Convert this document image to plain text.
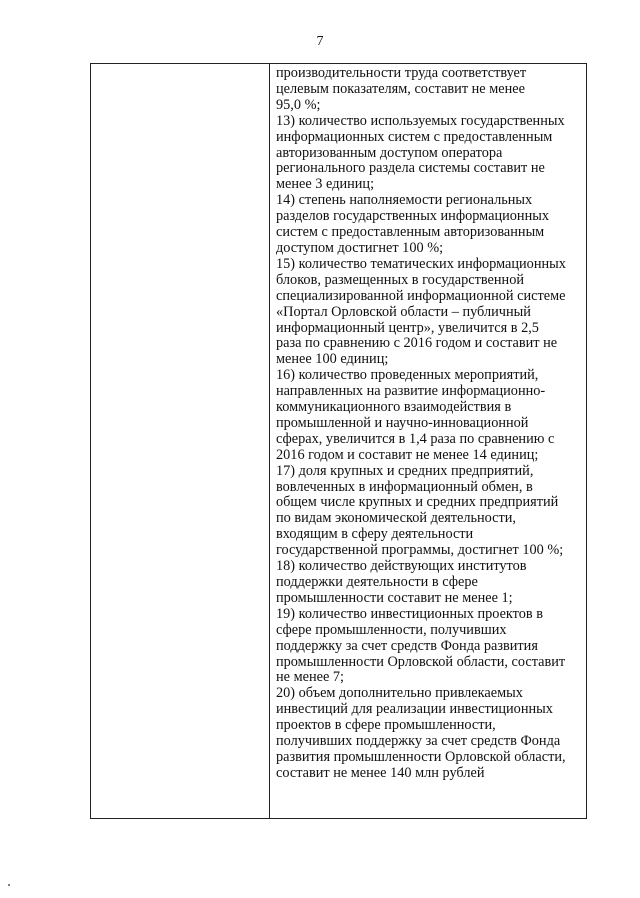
7
производительности труда соответствует
целевым показателям, составит не менее
95,0 %;
13) количество используемых государственных
информационных систем с предоставленным
авторизованным доступом оператора
регионального раздела системы составит не
менее 3 единиц;
14) степень наполняемости региональных
разделов государственных информационных
систем с предоставленным авторизованным
доступом достигнет 100 %;
15) количество тематических информационных
блоков, размещенных в государственной
специализированной информационной системе
«Портал Орловской области – публичный
информационный центр», увеличится в 2,5
раза по сравнению с 2016 годом и составит не
менее 100 единиц;
16) количество проведенных мероприятий,
направленных на развитие информационно-
коммуникационного взаимодействия в
промышленной и научно-инновационной
сферах, увеличится в 1,4 раза по сравнению с
2016 годом и составит не менее 14 единиц;
17) доля крупных и средних предприятий,
вовлеченных в информационный обмен, в
общем числе крупных и средних предприятий
по видам экономической деятельности,
входящим в сферу деятельности
государственной программы, достигнет 100 %;
18) количество действующих институтов
поддержки деятельности в сфере
промышленности составит не менее 1;
19) количество инвестиционных проектов в
сфере промышленности, получивших
поддержку за счет средств Фонда развития
промышленности Орловской области, составит
не менее 7;
20) объем дополнительно привлекаемых
инвестиций для реализации инвестиционных
проектов в сфере промышленности,
получивших поддержку за счет средств Фонда
развития промышленности Орловской области,
составит не менее 140 млн рублей
